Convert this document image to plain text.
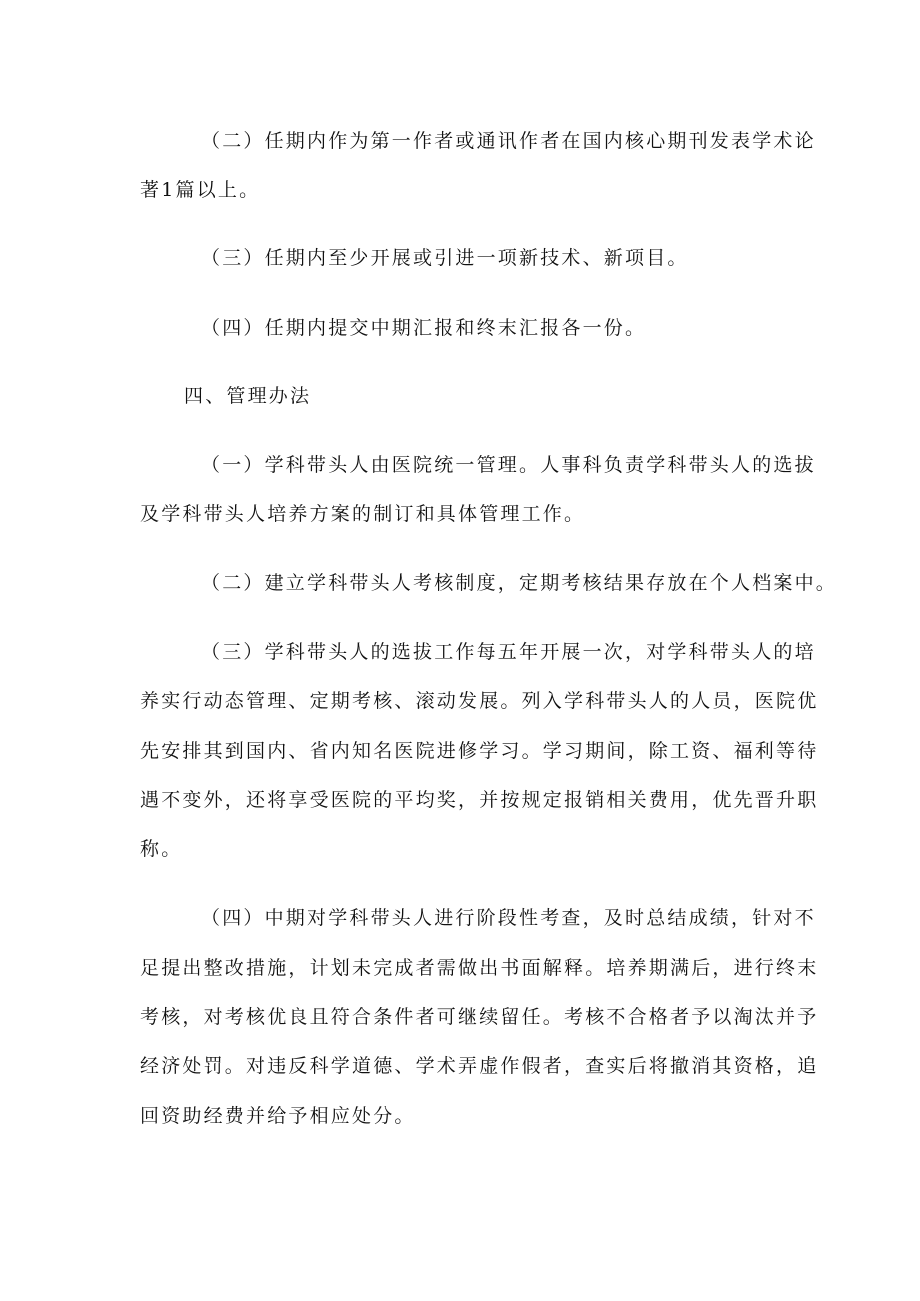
（二）任期内作为第一作者或通讯作者在国内核心期刊发表学术论

著1篇以上。

（三）任期内至少开展或引进一项新技术、新项目。

（四）任期内提交中期汇报和终末汇报各一份。

四、管理办法

（一）学科带头人由医院统一管理。人事科负责学科带头人的选拔

及学科带头人培养方案的制订和具体管理工作。

（二）建立学科带头人考核制度，定期考核结果存放在个人档案中。

（三）学科带头人的选拔工作每五年开展一次，对学科带头人的培

养实行动态管理、定期考核、滚动发展。列入学科带头人的人员，医院优

先安排其到国内、省内知名医院进修学习。学习期间，除工资、福利等待

遇不变外，还将享受医院的平均奖，并按规定报销相关费用，优先晋升职

称。

（四）中期对学科带头人进行阶段性考查，及时总结成绩，针对不

足提出整改措施，计划未完成者需做出书面解释。培养期满后，进行终末

考核，对考核优良且符合条件者可继续留任。考核不合格者予以淘汰并予

经济处罚。对违反科学道德、学术弄虚作假者，查实后将撤消其资格，追

回资助经费并给予相应处分。
